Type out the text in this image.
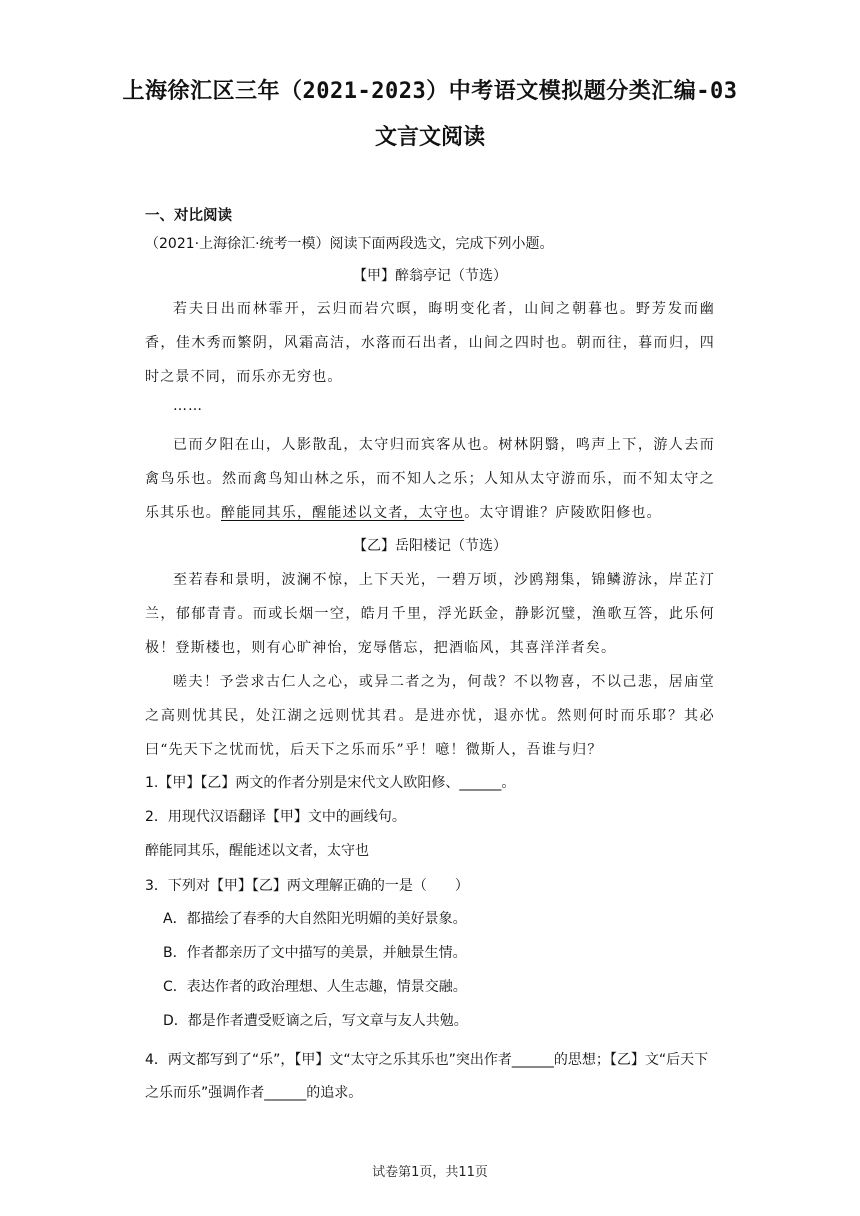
上海徐汇区三年（2021-2023）中考语文模拟题分类汇编-03
文言文阅读
一、对比阅读
（2021·上海徐汇·统考一模）阅读下面两段选文，完成下列小题。
【甲】醉翁亭记（节选）
若夫日出而林霏开，云归而岩穴暝，晦明变化者，山间之朝暮也。野芳发而幽香，佳木秀而繁阴，风霜高洁，水落而石出者，山间之四时也。朝而往，暮而归，四时之景不同，而乐亦无穷也。
……
已而夕阳在山，人影散乱，太守归而宾客从也。树林阴翳，鸣声上下，游人去而禽鸟乐也。然而禽鸟知山林之乐，而不知人之乐；人知从太守游而乐，而不知太守之乐其乐也。醉能同其乐，醒能述以文者，太守也。太守谓谁？庐陵欧阳修也。
【乙】岳阳楼记（节选）
至若春和景明，波澜不惊，上下天光，一碧万顷，沙鸥翔集，锦鳞游泳，岸芷汀兰，郁郁青青。而或长烟一空，皓月千里，浮光跃金，静影沉璧，渔歌互答，此乐何极！登斯楼也，则有心旷神怡，宠辱偕忘，把酒临风，其喜洋洋者矣。
嗟夫！予尝求古仁人之心，或异二者之为，何哉？不以物喜，不以己悲，居庙堂之高则忧其民，处江湖之远则忧其君。是进亦忧，退亦忧。然则何时而乐耶？其必曰“先天下之忧而忧，后天下之乐而乐”乎！噫！微斯人，吾谁与归？
1.【甲】【乙】两文的作者分别是宋代文人欧阳修、______。
2．用现代汉语翻译【甲】文中的画线句。
醉能同其乐，醒能述以文者，太守也
3．下列对【甲】【乙】两文理解正确的一是（　　）
A．都描绘了春季的大自然阳光明媚的美好景象。
B．作者都亲历了文中描写的美景，并触景生情。
C．表达作者的政治理想、人生志趣，情景交融。
D．都是作者遭受贬谪之后，写文章与友人共勉。
4．两文都写到了“乐”，【甲】文“太守之乐其乐也”突出作者______的思想；【乙】文“后天下之乐而乐”强调作者______的追求。
试卷第1页，共11页
